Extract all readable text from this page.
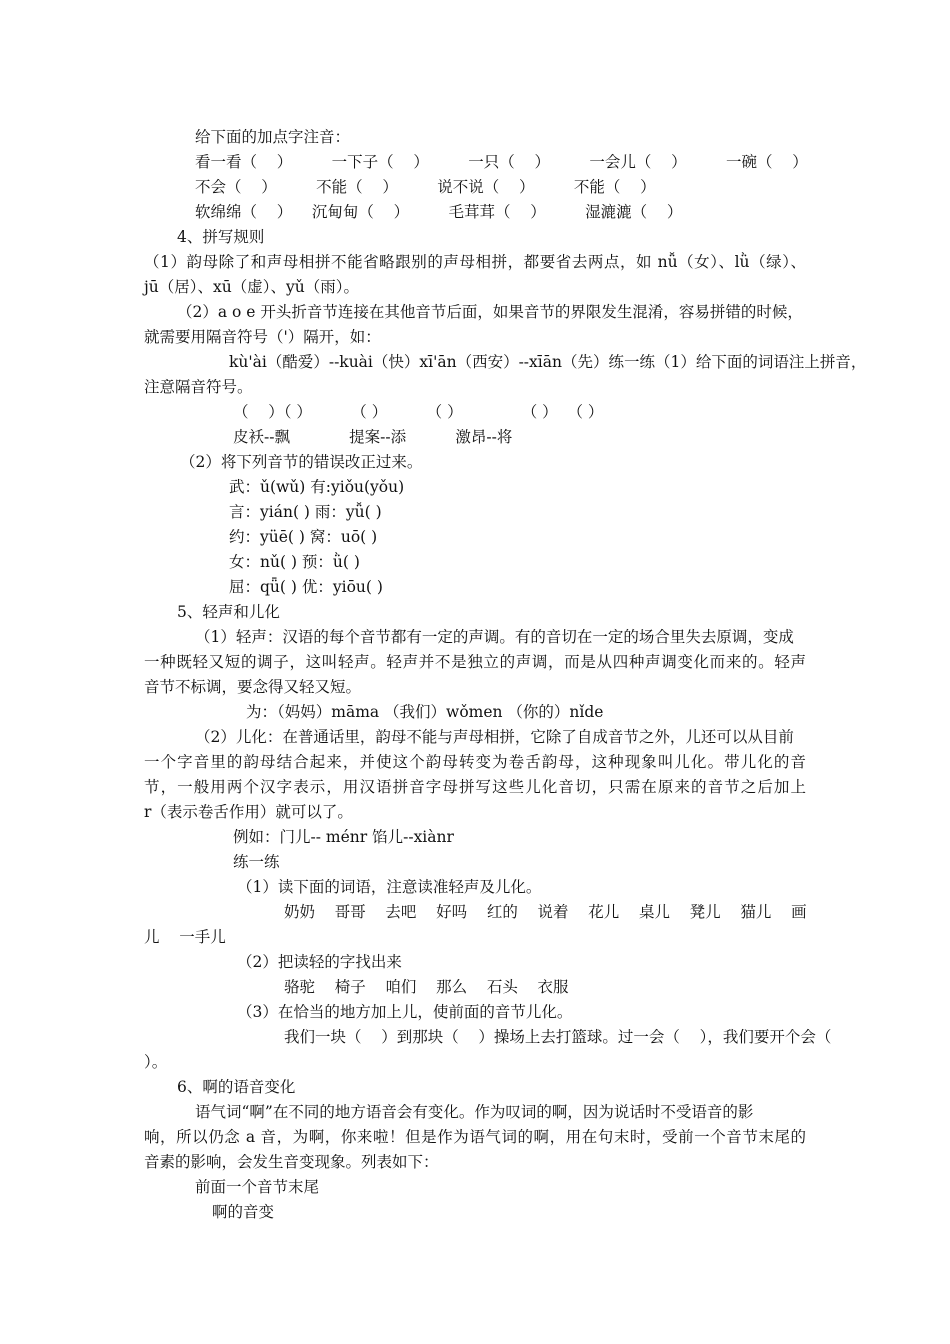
给下面的加点字注音：
看一看（    ）        一下子（    ）        一只（    ）        一会儿（    ）        一碗（    ）
不会（    ）        不能（    ）        说不说（    ）        不能（    ）
软绵绵（    ）    沉甸甸（    ）        毛茸茸（    ）        湿漉漉（    ）
4、拼写规则
（1）韵母除了和声母相拼不能省略跟别的声母相拼，都要省去两点，如 nǚ（女）、lǜ（绿）、
jū（居）、xū（虚）、yǔ（雨）。
（2）a o e 开头折音节连接在其他音节后面，如果音节的界限发生混淆，容易拼错的时候，
就需要用隔音符号（'）隔开，如：
kù'ài（酷爱）--kuài（快）xī'ān（西安）--xīān（先）练一练（1）给下面的词语注上拼音，
注意隔音符号。
（    ）（ ）        （ ）        （ ）            （ ）  （ ）
皮袄--飘            提案--添          激昂--将
（2）将下列音节的错误改正过来。
武：ǔ(wǔ) 有:yiǒu(yǒu)
言：yián( ) 雨：yǚ( )
约：yüē( ) 窝：uō( )
女：nǔ( ) 预：ǜ( )
屈：qǖ( ) 优：yiōu( )
5、轻声和儿化
（1）轻声：汉语的每个音节都有一定的声调。有的音切在一定的场合里失去原调，变成
一种既轻又短的调子，这叫轻声。轻声并不是独立的声调，而是从四种声调变化而来的。轻声
音节不标调，要念得又轻又短。
为：（妈妈）māma （我们）wǒmen （你的）nǐde
（2）儿化：在普通话里，韵母不能与声母相拼，它除了自成音节之外，儿还可以从目前
一个字音里的韵母结合起来，并使这个韵母转变为卷舌韵母，这种现象叫儿化。带儿化的音
节，一般用两个汉字表示，用汉语拼音字母拼写这些儿化音切，只需在原来的音节之后加上
r（表示卷舌作用）就可以了。
例如：门儿-- ménr 馅儿--xiànr
练一练
（1）读下面的词语，注意读准轻声及儿化。
奶奶    哥哥    去吧    好吗    红的    说着    花儿    桌儿    凳儿    猫儿    画
儿    一手儿
（2）把读轻的字找出来
骆驼    椅子    咱们    那么    石头    衣服
（3）在恰当的地方加上儿，使前面的音节儿化。
我们一块（    ）到那块（    ）操场上去打篮球。过一会（    ），我们要开个会（
）。
6、啊的语音变化
语气词“啊”在不同的地方语音会有变化。作为叹词的啊，因为说话时不受语音的影
响，所以仍念 a 音，为啊，你来啦！但是作为语气词的啊，用在句末时，受前一个音节末尾的
音素的影响，会发生音变现象。列表如下：
前面一个音节末尾
啊的音变
